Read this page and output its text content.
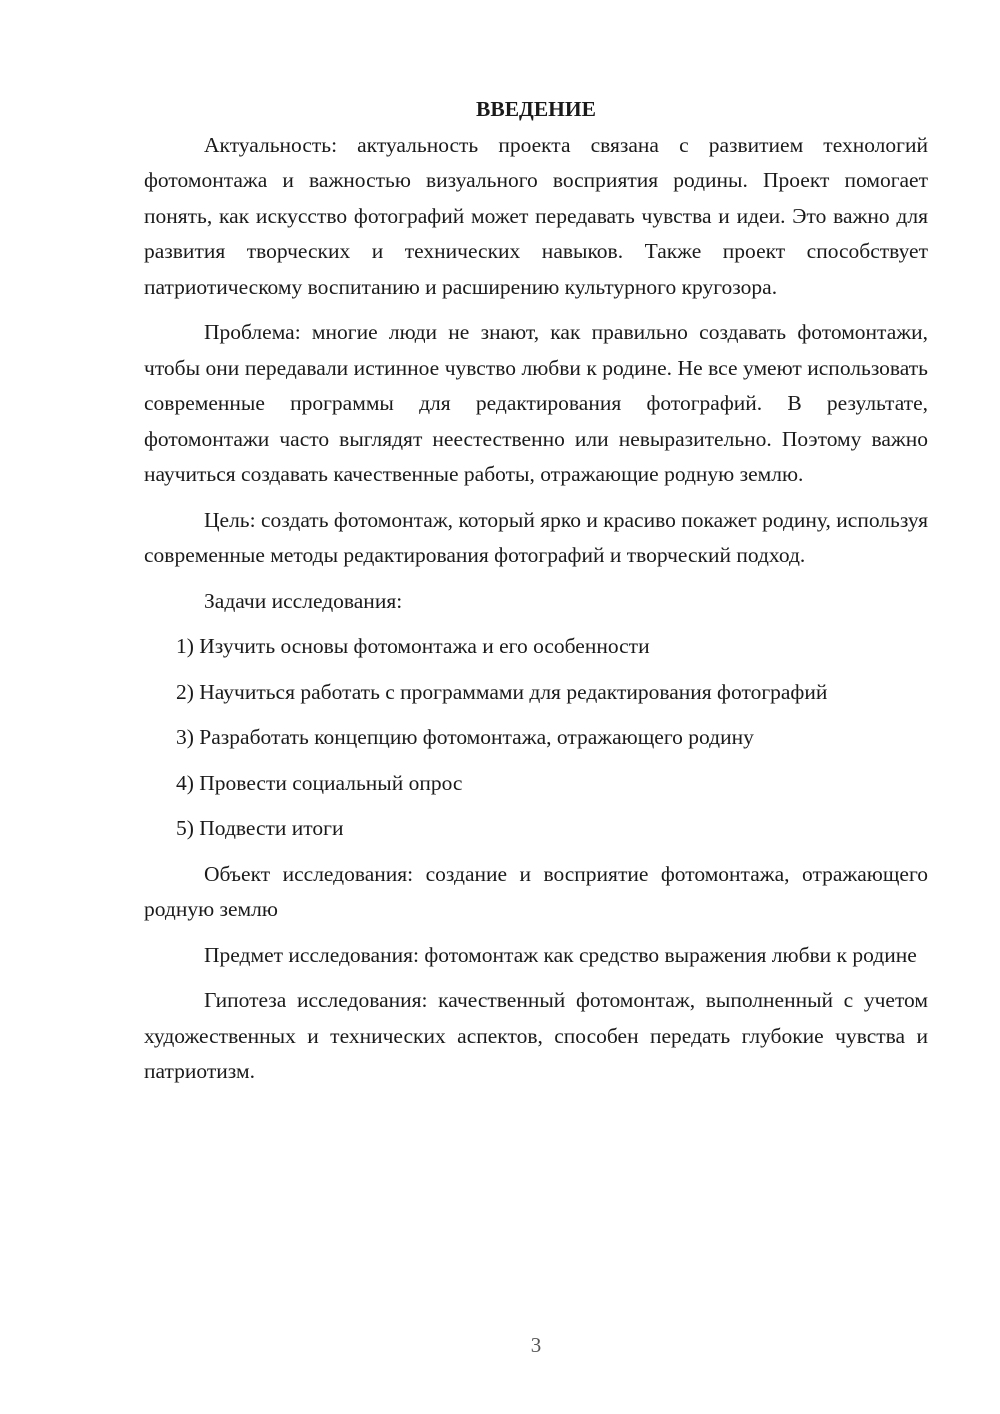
ВВЕДЕНИЕ

Актуальность: актуальность проекта связана с развитием технологий фотомонтажа и важностью визуального восприятия родины. Проект помогает понять, как искусство фотографий может передавать чувства и идеи. Это важно для развития творческих и технических навыков. Также проект способствует патриотическому воспитанию и расширению культурного кругозора.

Проблема: многие люди не знают, как правильно создавать фотомонтажи, чтобы они передавали истинное чувство любви к родине. Не все умеют использовать современные программы для редактирования фотографий. В результате, фотомонтажи часто выглядят неестественно или невыразительно. Поэтому важно научиться создавать качественные работы, отражающие родную землю.

Цель: создать фотомонтаж, который ярко и красиво покажет родину, используя современные методы редактирования фотографий и творческий подход.

Задачи исследования:

1) Изучить основы фотомонтажа и его особенности

2) Научиться работать с программами для редактирования фотографий

3) Разработать концепцию фотомонтажа, отражающего родину

4) Провести социальный опрос

5) Подвести итоги

Объект исследования: создание и восприятие фотомонтажа, отражающего родную землю

Предмет исследования: фотомонтаж как средство выражения любви к родине

Гипотеза исследования: качественный фотомонтаж, выполненный с учетом художественных и технических аспектов, способен передать глубокие чувства и патриотизм.

3
